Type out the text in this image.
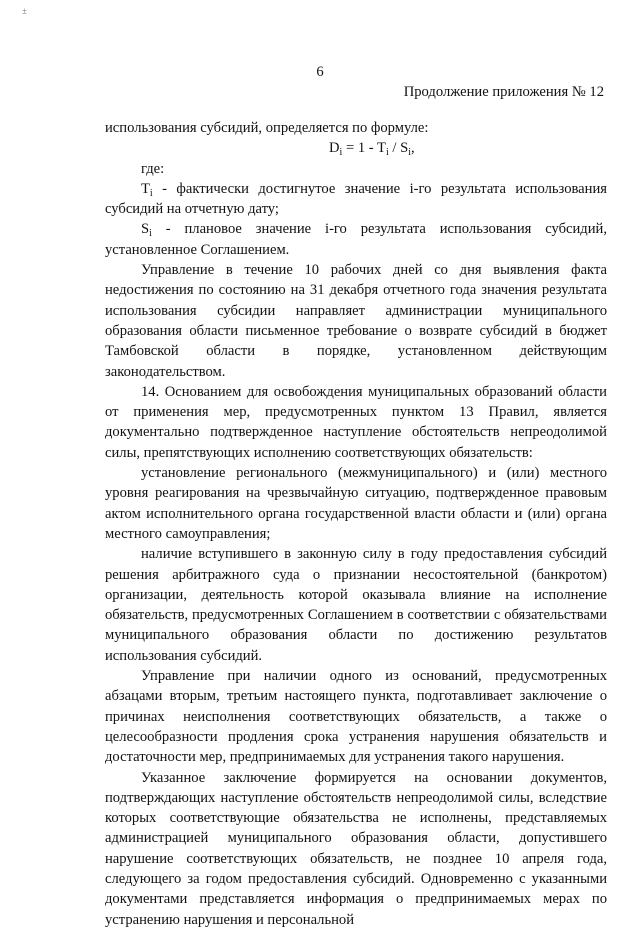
±
6
Продолжение приложения № 12

использования субсидий, определяется по формуле:

$D_i = 1 - T_i / S_i$,

где:

$T_i$ - фактически достигнутое значение i-го результата использования субсидий на отчетную дату;

$S_i$ - плановое значение i-го результата использования субсидий, установленное Соглашением.

Управление в течение 10 рабочих дней со дня выявления факта недостижения по состоянию на 31 декабря отчетного года значения результата использования субсидии направляет администрации муниципального образования области письменное требование о возврате субсидий в бюджет Тамбовской области в порядке, установленном действующим законодательством.

14. Основанием для освобождения муниципальных образований области от применения мер, предусмотренных пунктом 13 Правил, является документально подтвержденное наступление обстоятельств непреодолимой силы, препятствующих исполнению соответствующих обязательств:

установление регионального (межмуниципального) и (или) местного уровня реагирования на чрезвычайную ситуацию, подтвержденное правовым актом исполнительного органа государственной власти области и (или) органа местного самоуправления;

наличие вступившего в законную силу в году предоставления субсидий решения арбитражного суда о признании несостоятельной (банкротом) организации, деятельность которой оказывала влияние на исполнение обязательств, предусмотренных Соглашением в соответствии с обязательствами муниципального образования области по достижению результатов использования субсидий.

Управление при наличии одного из оснований, предусмотренных абзацами вторым, третьим настоящего пункта, подготавливает заключение о причинах неисполнения соответствующих обязательств, а также о целесообразности продления срока устранения нарушения обязательств и достаточности мер, предпринимаемых для устранения такого нарушения.

Указанное заключение формируется на основании документов, подтверждающих наступление обстоятельств непреодолимой силы, вследствие которых соответствующие обязательства не исполнены, представляемых администрацией муниципального образования области, допустившего нарушение соответствующих обязательств, не позднее 10 апреля года, следующего за годом предоставления субсидий. Одновременно с указанными документами представляется информация о предпринимаемых мерах по устранению нарушения и персональной
